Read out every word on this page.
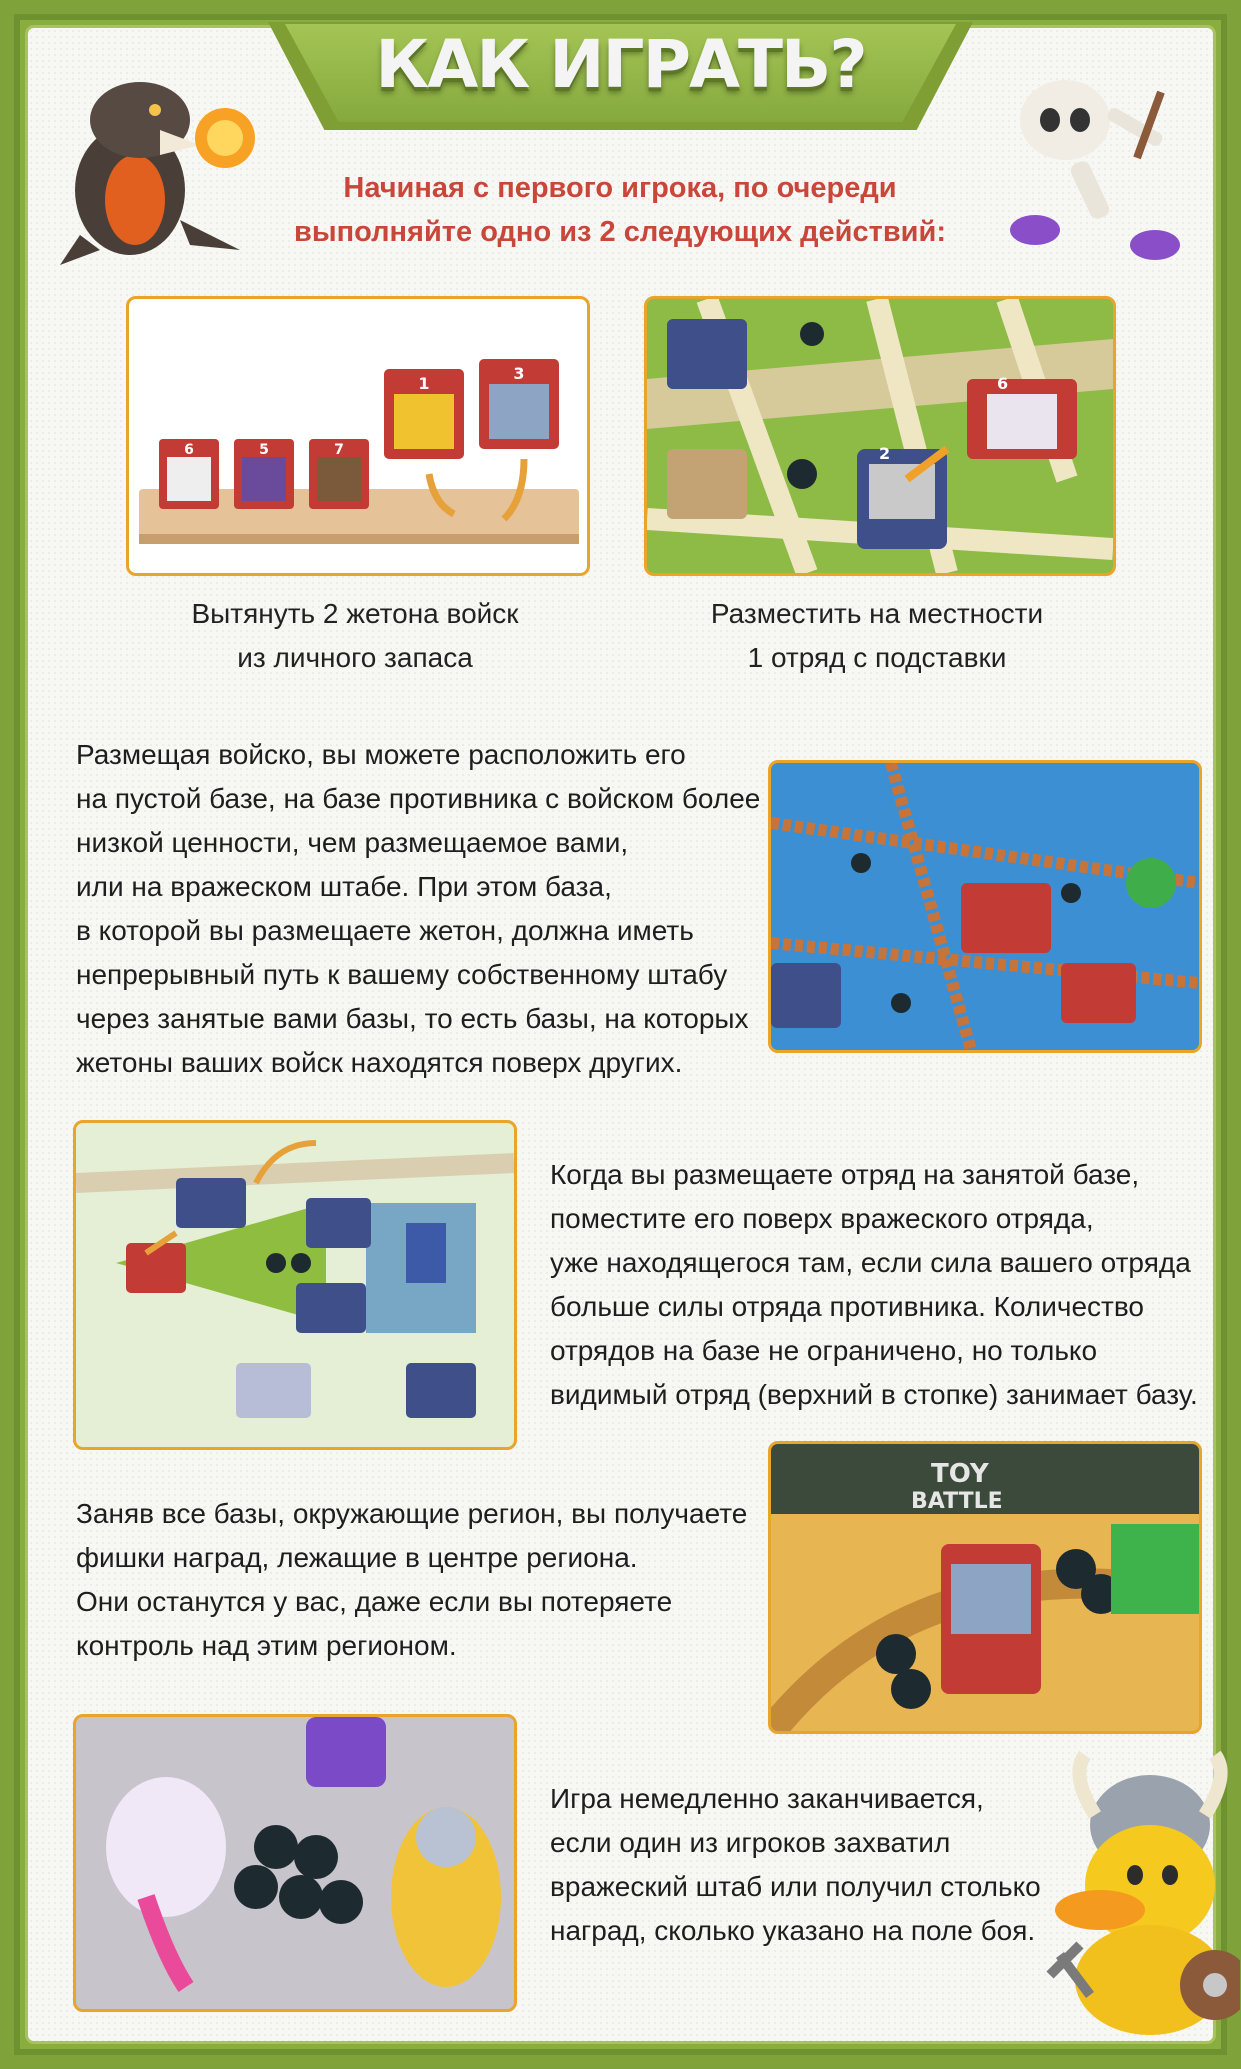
КАК ИГРАТЬ?
Начиная с первого игрока, по очереди
выполняйте одно из 2 следующих действий:
6	5	7
1
3
6
2
Вытянуть 2 жетона войск
из личного запаса
Разместить на местности
1 отряд с подставки
Размещая войско, вы можете расположить его
на пустой базе, на базе противника с войском более
низкой ценности, чем размещаемое вами,
или на вражеском штабе. При этом база,
в которой вы размещаете жетон, должна иметь
непрерывный путь к вашему собственному штабу
через занятые вами базы, то есть базы, на которых
жетоны ваших войск находятся поверх других.
Когда вы размещаете отряд на занятой базе,
поместите его поверх вражеского отряда,
уже находящегося там, если сила вашего отряда
больше силы отряда противника. Количество
отрядов на базе не ограничено, но только
видимый отряд (верхний в стопке) занимает базу.
Заняв все базы, окружающие регион, вы получаете
фишки наград, лежащие в центре региона.
Они останутся у вас, даже если вы потеряете
контроль над этим регионом.
TOY
BATTLE
Игра немедленно заканчивается,
если один из игроков захватил
вражеский штаб или получил столько
наград, сколько указано на поле боя.
